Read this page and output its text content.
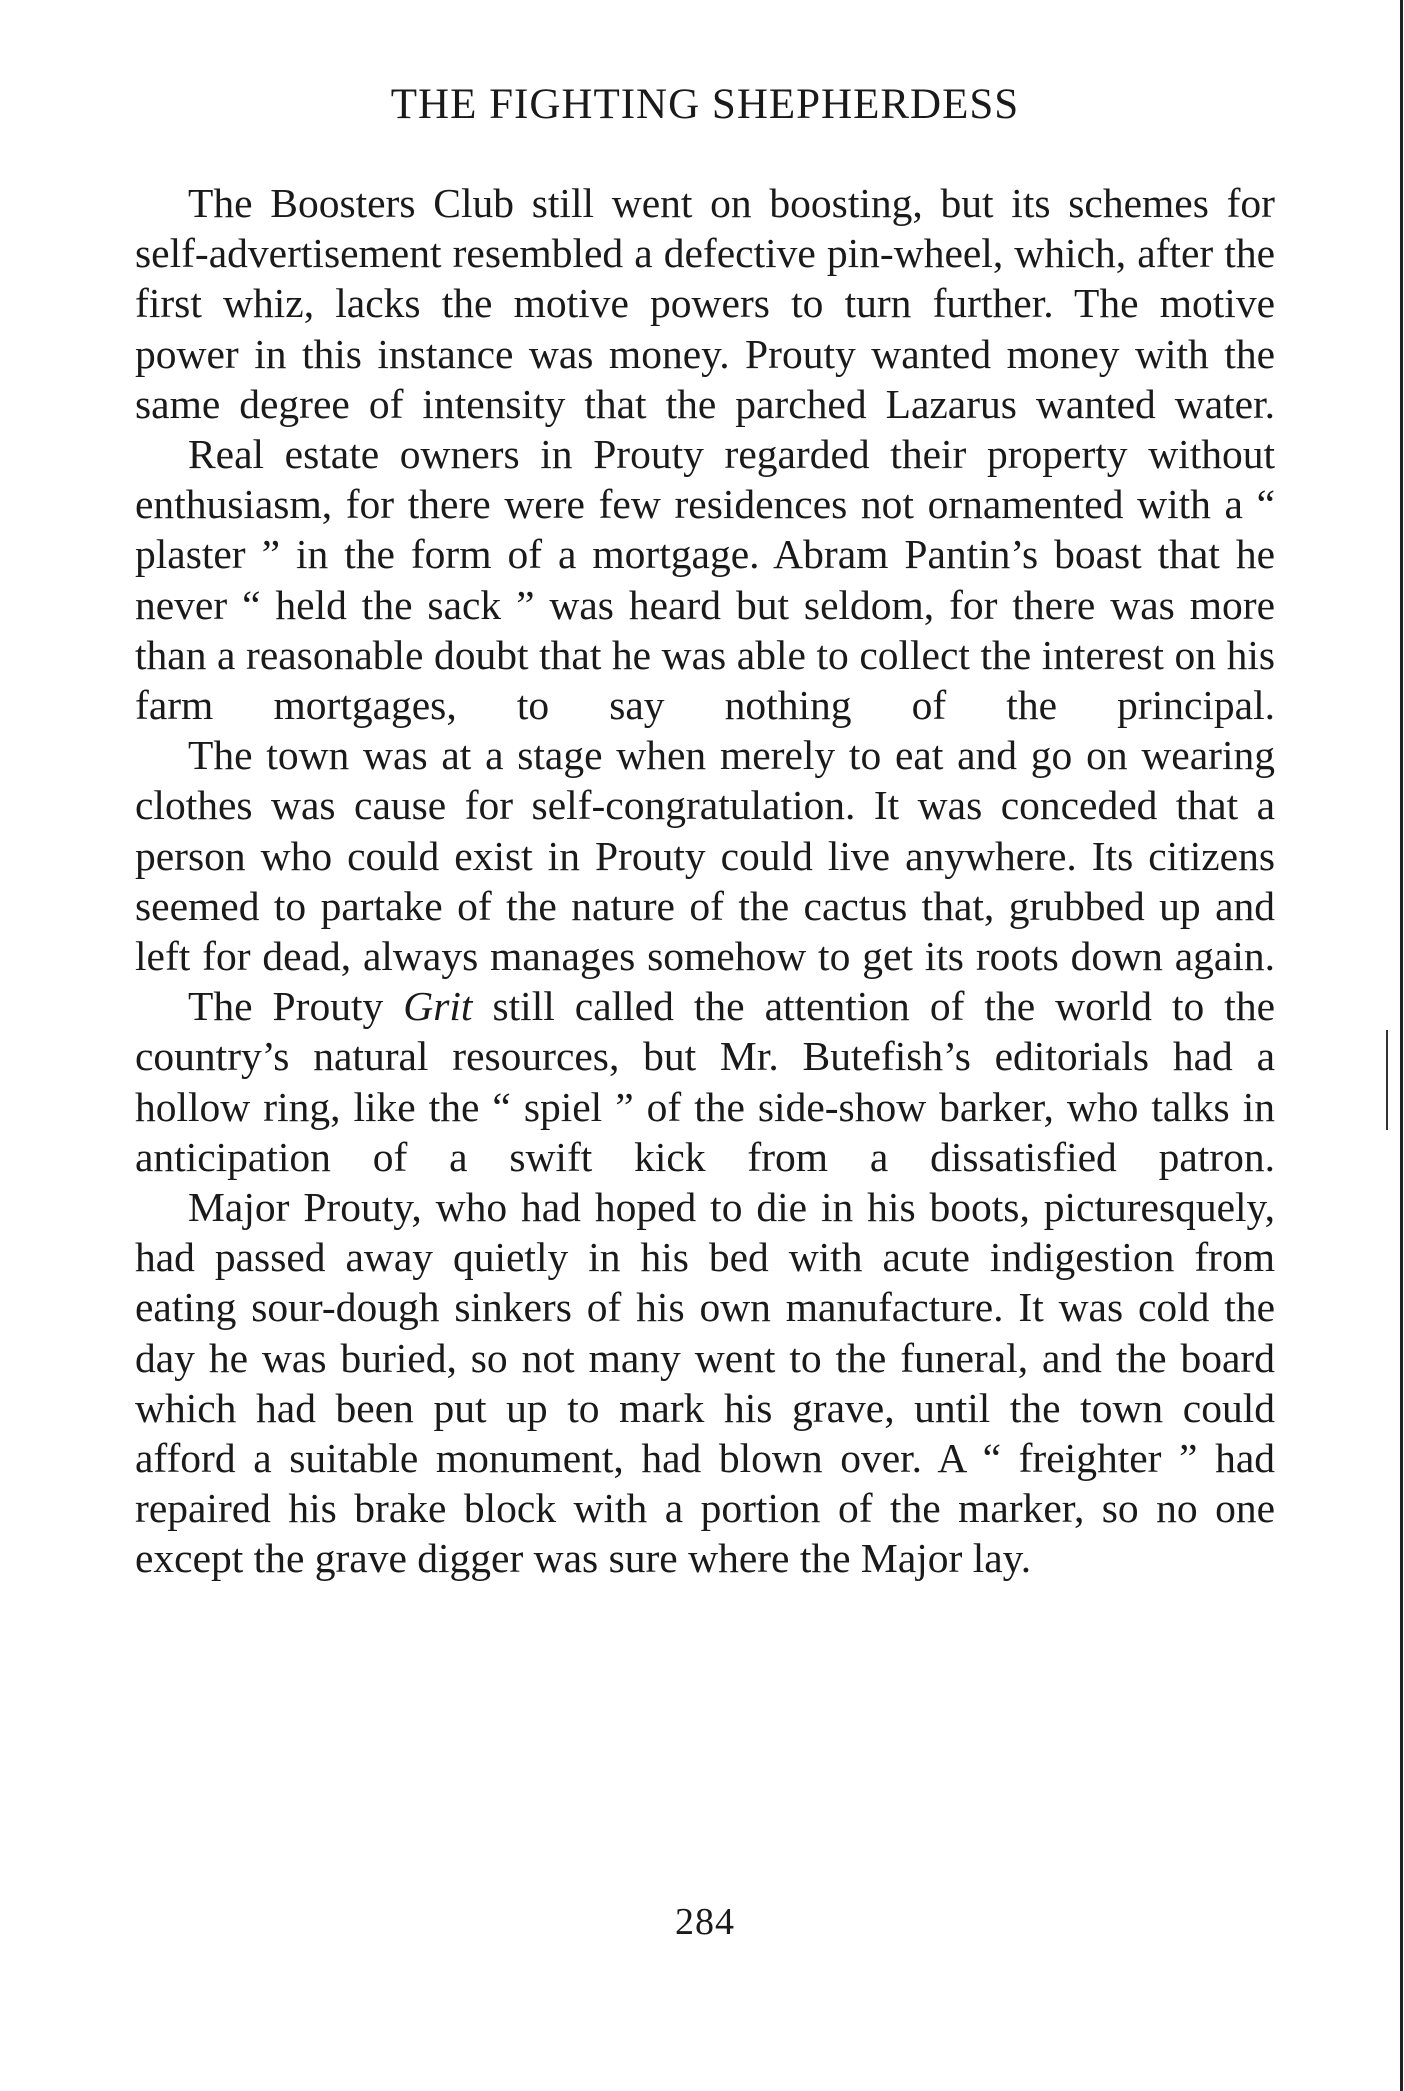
THE FIGHTING SHEPHERDESS

The Boosters Club still went on boosting, but its schemes for self-advertisement resembled a defective pin-wheel, which, after the first whiz, lacks the motive powers to turn further. The motive power in this instance was money. Prouty wanted money with the same degree of intensity that the parched Lazarus wanted water.

Real estate owners in Prouty regarded their property without enthusiasm, for there were few residences not ornamented with a “ plaster ” in the form of a mortgage. Abram Pantin’s boast that he never “ held the sack ” was heard but seldom, for there was more than a reasonable doubt that he was able to collect the interest on his farm mortgages, to say nothing of the principal.

The town was at a stage when merely to eat and go on wearing clothes was cause for self-congratulation. It was conceded that a person who could exist in Prouty could live anywhere. Its citizens seemed to partake of the nature of the cactus that, grubbed up and left for dead, always manages somehow to get its roots down again.

The Prouty Grit still called the attention of the world to the country’s natural resources, but Mr. Butefish’s editorials had a hollow ring, like the “ spiel ” of the side-show barker, who talks in anticipation of a swift kick from a dissatisfied patron.

Major Prouty, who had hoped to die in his boots, picturesquely, had passed away quietly in his bed with acute indigestion from eating sour-dough sinkers of his own manufacture. It was cold the day he was buried, so not many went to the funeral, and the board which had been put up to mark his grave, until the town could afford a suitable monument, had blown over. A “ freighter ” had repaired his brake block with a portion of the marker, so no one except the grave digger was sure where the Major lay.

284
